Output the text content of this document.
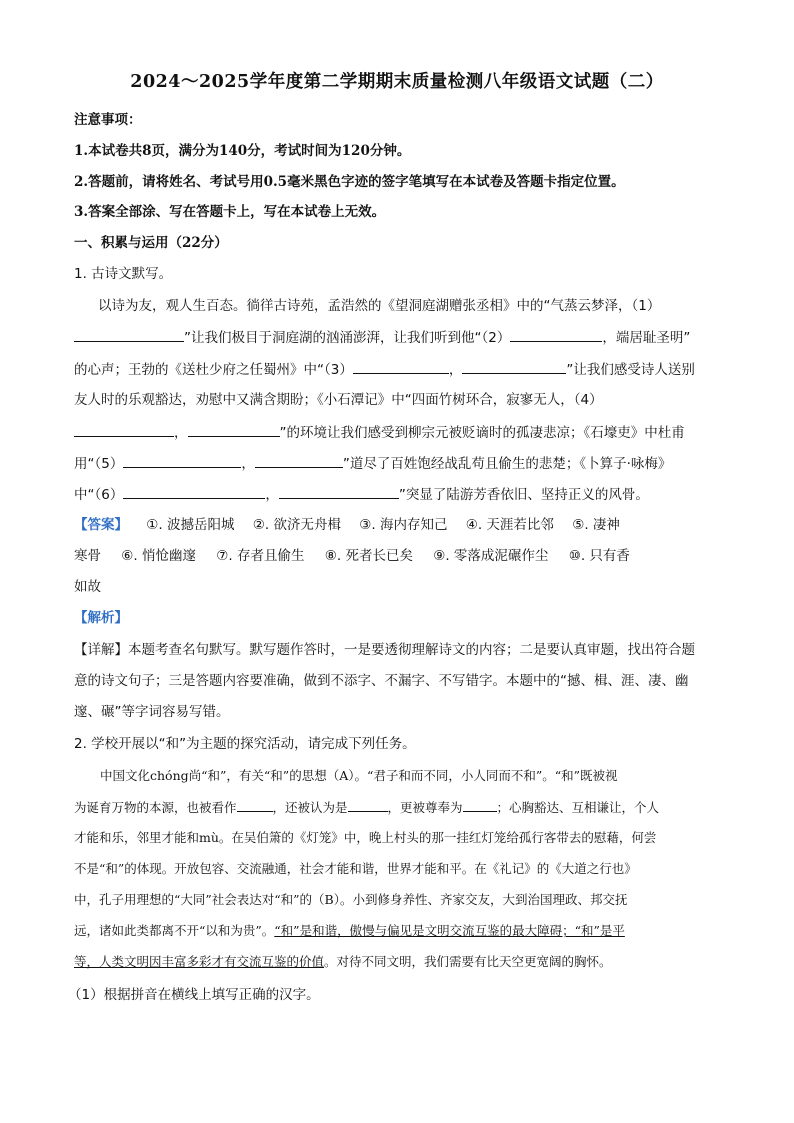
2024～2025学年度第二学期期末质量检测八年级语文试题（二）
注意事项：
1.本试卷共8页，满分为140分，考试时间为120分钟。
2.答题前，请将姓名、考试号用0.5毫米黑色字迹的签字笔填写在本试卷及答题卡指定位置。
3.答案全部涂、写在答题卡上，写在本试卷上无效。
一、积累与运用（22分）
1. 古诗文默写。
以诗为友，观人生百态。徜徉古诗苑，孟浩然的《望洞庭湖赠张丞相》中的“气蒸云梦泽，（1）
”让我们极目于洞庭湖的汹涌澎湃，让我们听到他“（2）	，端居耻圣明”
的心声；王勃的《送杜少府之任蜀州》中“（3）	，	”让我们感受诗人送别
友人时的乐观豁达，劝慰中又满含期盼；《小石潭记》中“四面竹树环合，寂寥无人，（4）
，	”的环境让我们感受到柳宗元被贬谪时的孤凄悲凉；《石壕吏》中杜甫
用“（5）	，	”道尽了百姓饱经战乱苟且偷生的悲楚；《卜算子·咏梅》
中“（6）	，	”突显了陆游芳香依旧、坚持正义的风骨。
【答案】 ①. 波撼岳阳城 ②. 欲济无舟楫 ③. 海内存知己 ④. 天涯若比邻 ⑤. 凄神
寒骨 ⑥. 悄怆幽邃 ⑦. 存者且偷生 ⑧. 死者长已矣 ⑨. 零落成泥碾作尘 ⑩. 只有香
如故
【解析】
【详解】本题考查名句默写。默写题作答时，一是要透彻理解诗文的内容；二是要认真审题，找出符合题
意的诗文句子；三是答题内容要准确，做到不添字、不漏字、不写错字。本题中的“撼、楫、涯、凄、幽
邃、碾”等字词容易写错。
2. 学校开展以“和”为主题的探究活动，请完成下列任务。
中国文化chóng尚“和”，有关“和”的思想（A）。“君子和而不同，小人同而不和”。“和”既被视
为诞育万物的本源，也被看作	，还被认为是	，更被尊奉为	；心胸豁达、互相谦让，个人
才能和乐，邻里才能和mù。在吴伯箫的《灯笼》中，晚上村头的那一挂红灯笼给孤行客带去的慰藉，何尝
不是“和”的体现。开放包容、交流融通，社会才能和谐，世界才能和平。在《礼记》的《大道之行也》
中，孔子用理想的“大同”社会表达对“和”的（B）。小到修身养性、齐家交友，大到治国理政、邦交抚
远，诸如此类都离不开“以和为贵”。“和”是和谐，傲慢与偏见是文明交流互鉴的最大障碍；“和”是平
等，人类文明因丰富多彩才有交流互鉴的价值。对待不同文明，我们需要有比天空更宽阔的胸怀。
（1）根据拼音在横线上填写正确的汉字。
